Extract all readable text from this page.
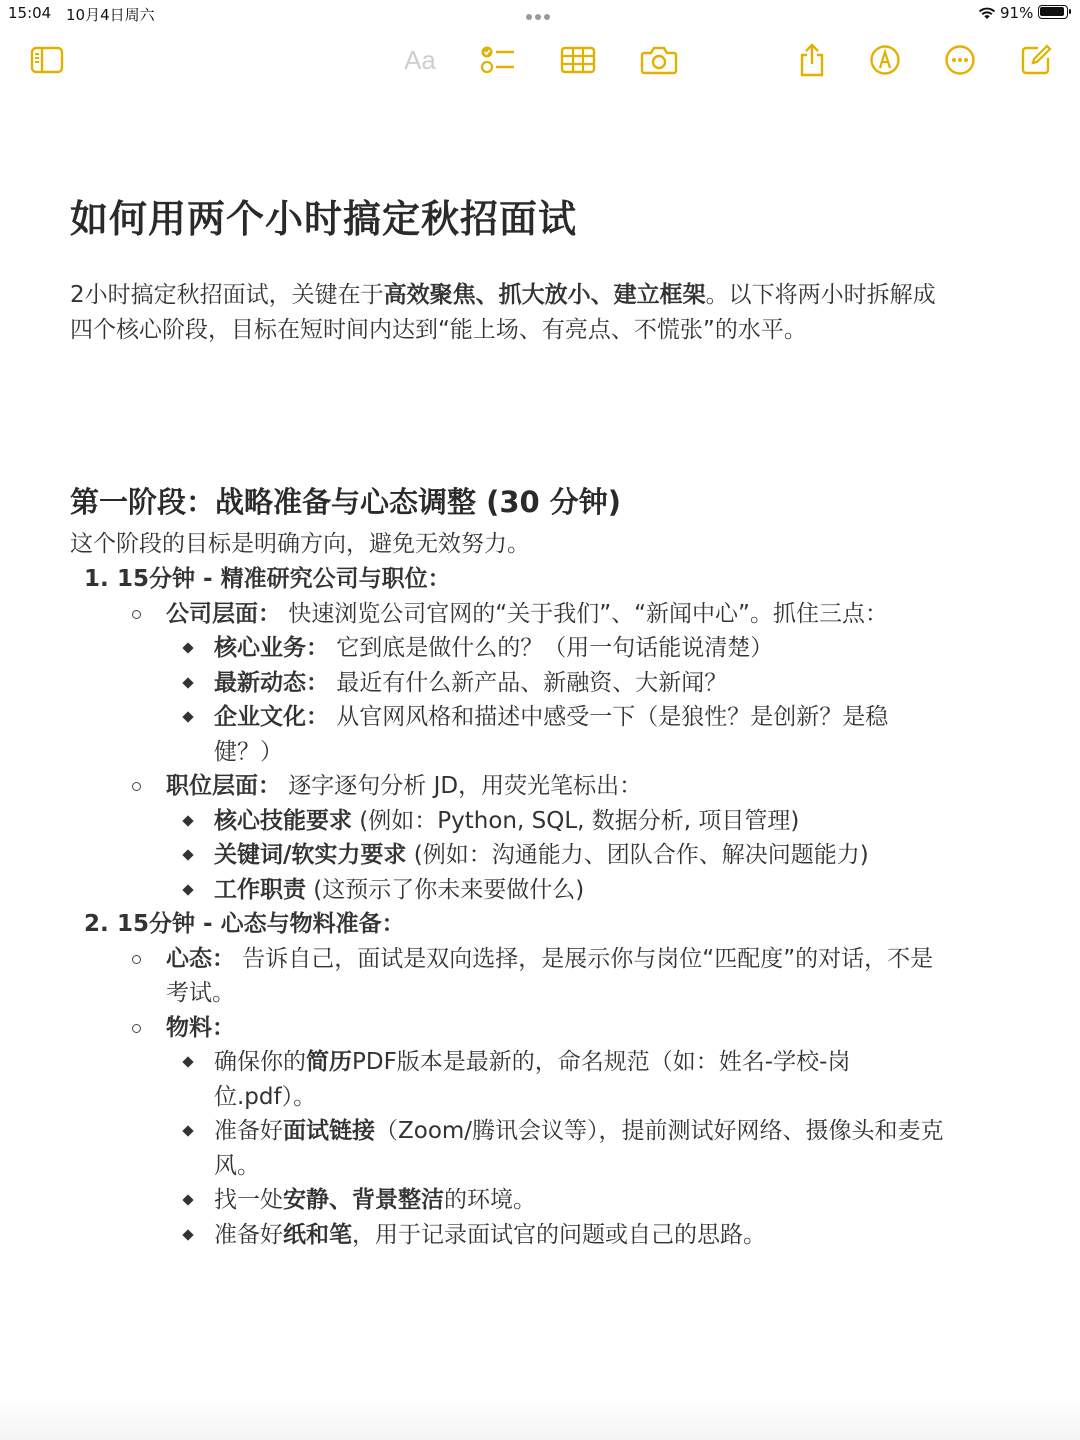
15:04 10月4日周六	91%
Aa
如何用两个小时搞定秋招面试
2小时搞定秋招面试，关键在于高效聚焦、抓大放小、建立框架。以下将两小时拆解成
四个核心阶段，目标在短时间内达到“能上场、有亮点、不慌张”的水平。
第一阶段：战略准备与心态调整 (30 分钟)
这个阶段的目标是明确方向，避免无效努力。
1. 15分钟 - 精准研究公司与职位：
公司层面： 快速浏览公司官网的“关于我们”、“新闻中心”。抓住三点：
核心业务： 它到底是做什么的？（用一句话能说清楚）
最新动态： 最近有什么新产品、新融资、大新闻？
企业文化： 从官网风格和描述中感受一下（是狼性？是创新？是稳
健？）
职位层面： 逐字逐句分析 JD，用荧光笔标出：
核心技能要求 (例如：Python, SQL, 数据分析, 项目管理)
关键词/软实力要求 (例如：沟通能力、团队合作、解决问题能力)
工作职责 (这预示了你未来要做什么)
2. 15分钟 - 心态与物料准备：
心态： 告诉自己，面试是双向选择，是展示你与岗位“匹配度”的对话，不是
考试。
物料：
确保你的简历PDF版本是最新的，命名规范（如：姓名-学校-岗
位.pdf）。
准备好面试链接（Zoom/腾讯会议等），提前测试好网络、摄像头和麦克
风。
找一处安静、背景整洁的环境。
准备好纸和笔，用于记录面试官的问题或自己的思路。
